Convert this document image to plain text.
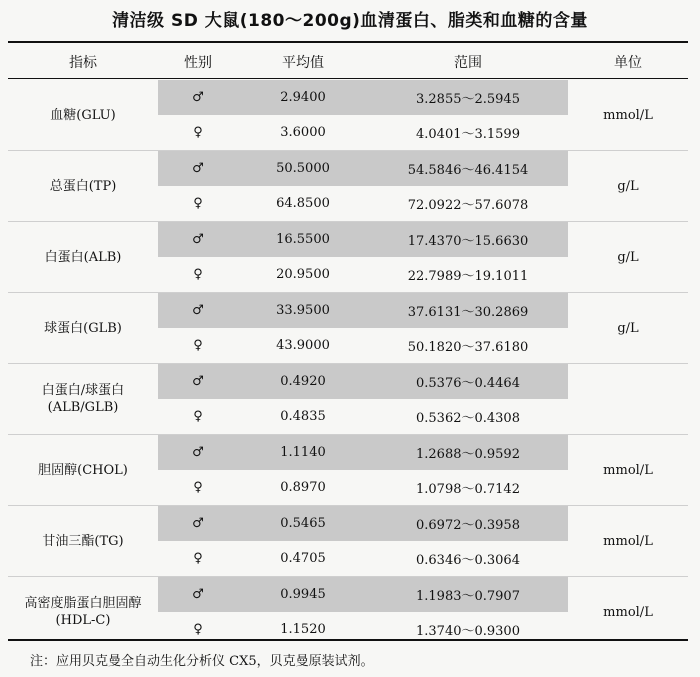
清洁级 SD 大鼠(180～200g)血清蛋白、脂类和血糖的含量
指标	性别	平均值	范围	单位
血糖(GLU)	♂	2.9400	3.2855～2.5945	mmol/L
	♀	3.6000	4.0401～3.1599	
总蛋白(TP)	♂	50.5000	54.5846～46.4154	g/L
	♀	64.8500	72.0922～57.6078	
白蛋白(ALB)	♂	16.5500	17.4370～15.6630	g/L
	♀	20.9500	22.7989～19.1011	
球蛋白(GLB)	♂	33.9500	37.6131～30.2869	g/L
	♀	43.9000	50.1820～37.6180	
白蛋白/球蛋白
(ALB/GLB)	♂	0.4920	0.5376～0.4464	
	♀	0.4835	0.5362～0.4308	
胆固醇(CHOL)	♂	1.1140	1.2688～0.9592	mmol/L
	♀	0.8970	1.0798～0.7142	
甘油三酯(TG)	♂	0.5465	0.6972～0.3958	mmol/L
	♀	0.4705	0.6346～0.3064	
高密度脂蛋白胆固醇
(HDL-C)	♂	0.9945	1.1983～0.7907	mmol/L
	♀	1.1520	1.3740～0.9300	
注：应用贝克曼全自动生化分析仪 CX5，贝克曼原装试剂。
